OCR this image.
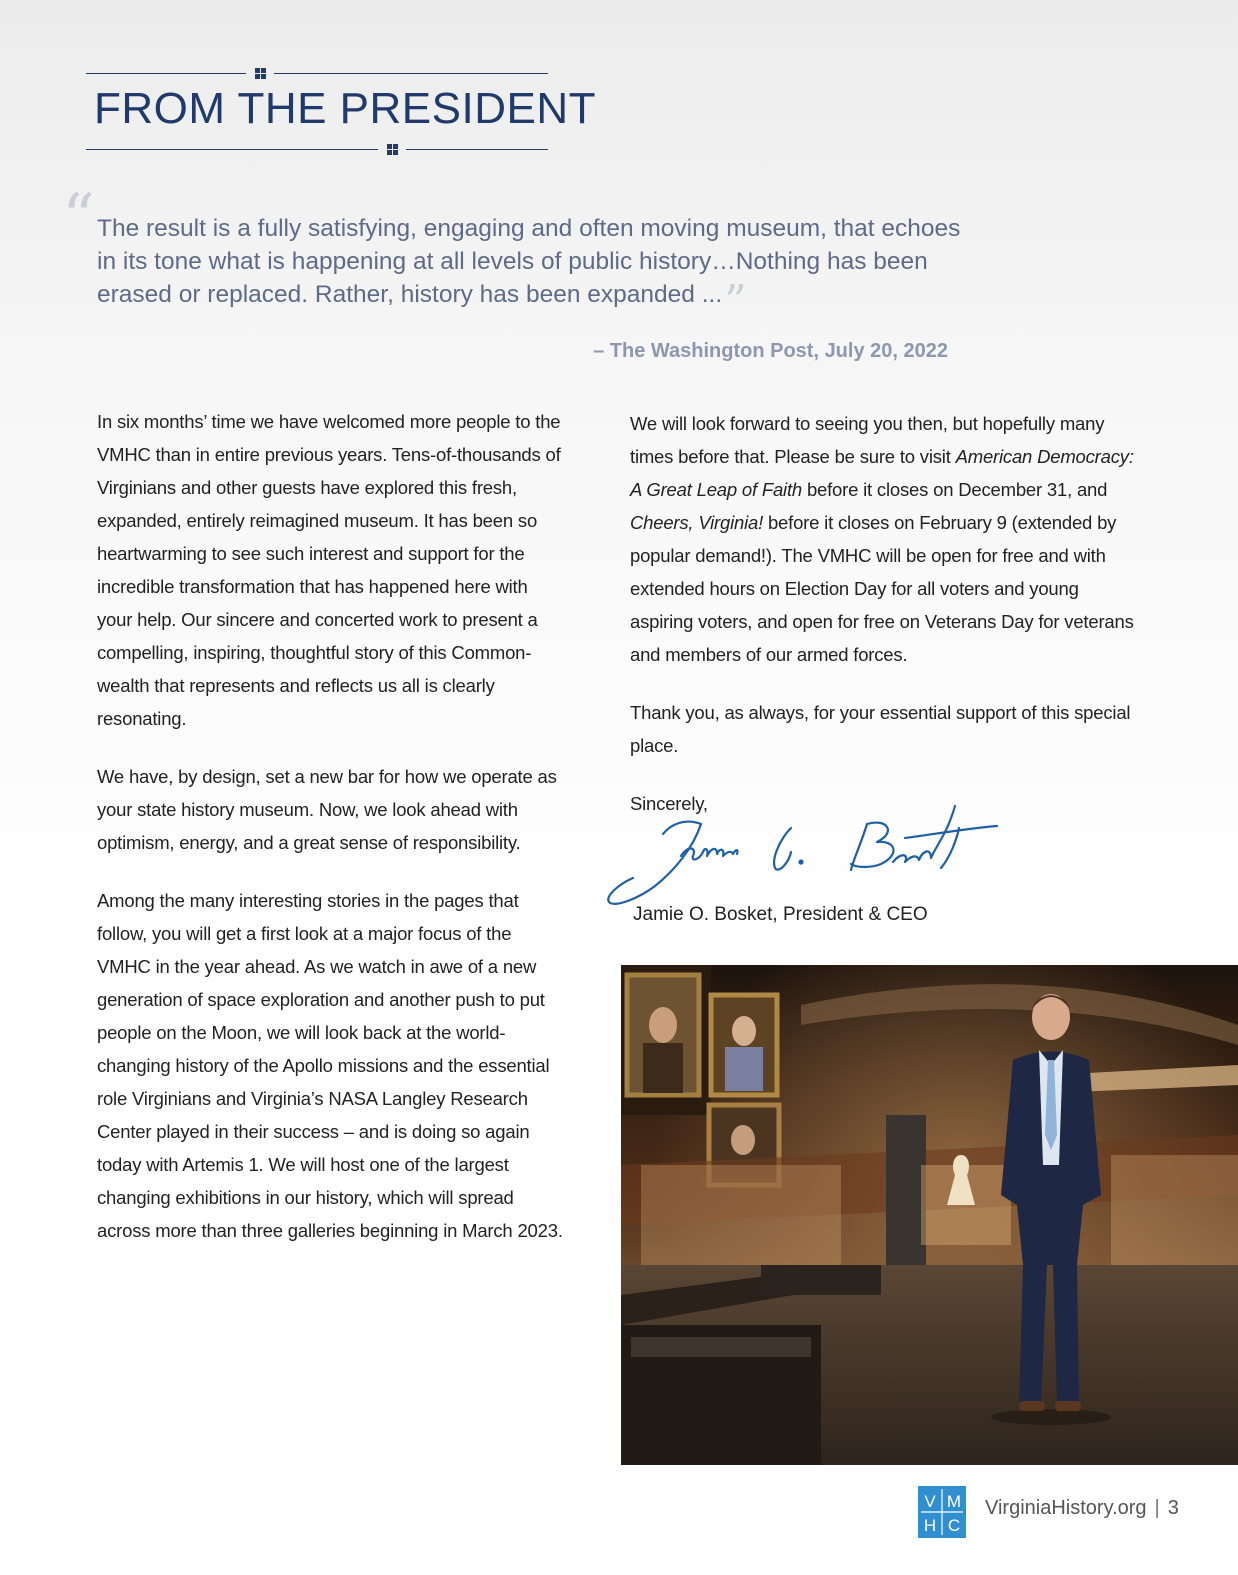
FROM THE PRESIDENT
“ The result is a fully satisfying, engaging and often moving museum, that echoes in its tone what is happening at all levels of public history…Nothing has been erased or replaced. Rather, history has been expanded ...”
– The Washington Post, July 20, 2022

In six months’ time we have welcomed more people to the VMHC than in entire previous years. Tens-of-thousands of Virginians and other guests have explored this fresh, expanded, entirely reimagined museum. It has been so heartwarming to see such interest and support for the incredible transformation that has happened here with your help. Our sincere and concerted work to present a compelling, inspiring, thoughtful story of this Common-wealth that represents and reflects us all is clearly resonating.

We have, by design, set a new bar for how we operate as your state history museum. Now, we look ahead with optimism, energy, and a great sense of responsibility.

Among the many interesting stories in the pages that follow, you will get a first look at a major focus of the VMHC in the year ahead. As we watch in awe of a new generation of space exploration and another push to put people on the Moon, we will look back at the world-changing history of the Apollo missions and the essential role Virginians and Virginia’s NASA Langley Research Center played in their success – and is doing so again today with Artemis 1. We will host one of the largest changing exhibitions in our history, which will spread across more than three galleries beginning in March 2023.

We will look forward to seeing you then, but hopefully many times before that. Please be sure to visit American Democracy: A Great Leap of Faith before it closes on December 31, and Cheers, Virginia! before it closes on February 9 (extended by popular demand!). The VMHC will be open for free and with extended hours on Election Day for all voters and young aspiring voters, and open for free on Veterans Day for veterans and members of our armed forces.

Thank you, as always, for your essential support of this special place.

Sincerely,

Jamie O. Bosket, President & CEO
V M
H C
VirginiaHistory.org | 3
